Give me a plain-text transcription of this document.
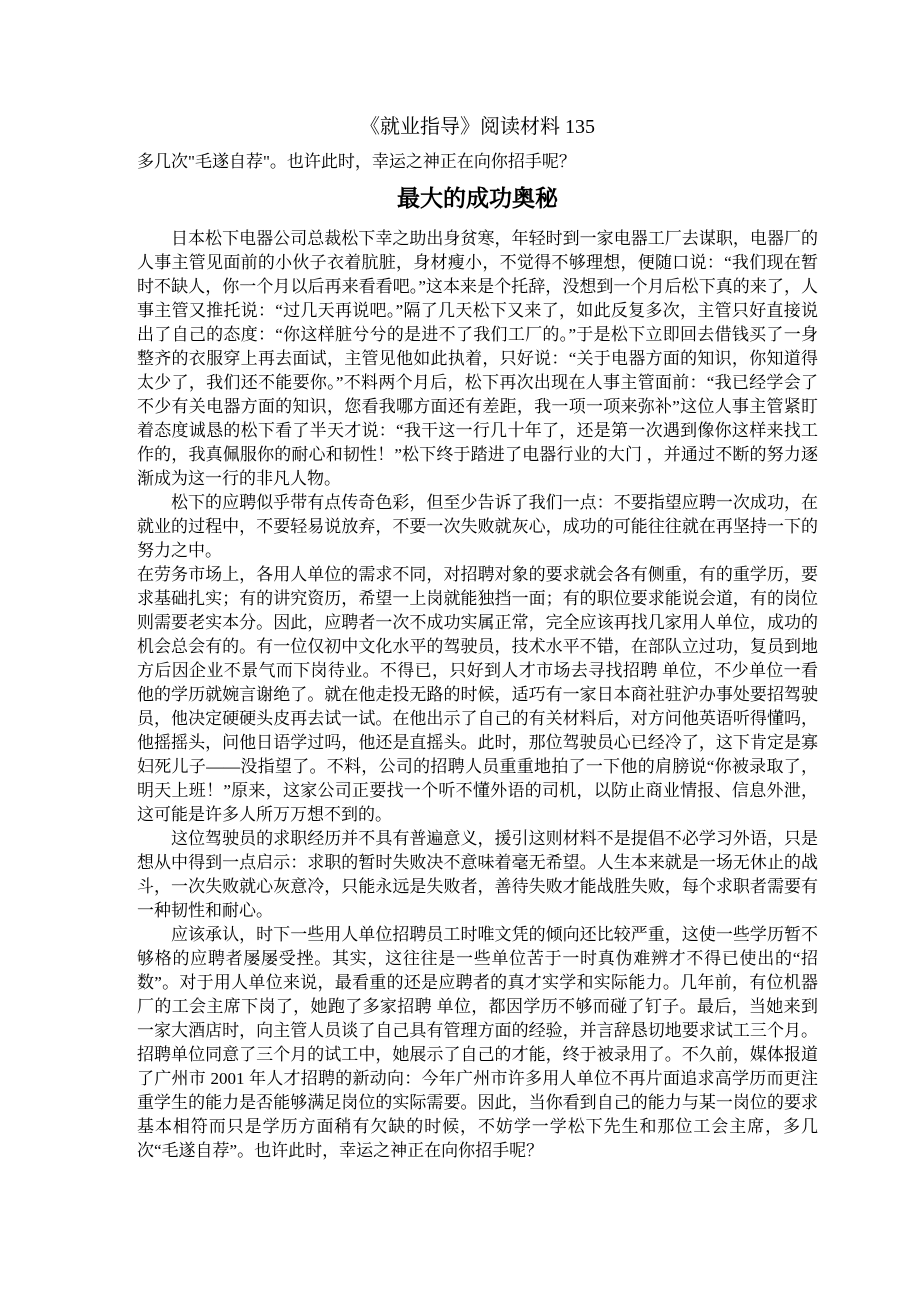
《就业指导》阅读材料 135

多几次"毛遂自荐"。也许此时，幸运之神正在向你招手呢？

最大的成功奥秘

日本松下电器公司总裁松下幸之助出身贫寒，年轻时到一家电器工厂去谋职，电器厂的人事主管见面前的小伙子衣着肮脏，身材瘦小，不觉得不够理想，便随口说：“我们现在暂时不缺人，你一个月以后再来看看吧。”这本来是个托辞，没想到一个月后松下真的来了，人事主管又推托说：“过几天再说吧。”隔了几天松下又来了，如此反复多次，主管只好直接说出了自己的态度：“你这样脏兮兮的是进不了我们工厂的。”于是松下立即回去借钱买了一身整齐的衣服穿上再去面试，主管见他如此执着，只好说：“关于电器方面的知识，你知道得太少了，我们还不能要你。”不料两个月后，松下再次出现在人事主管面前：“我已经学会了不少有关电器方面的知识，您看我哪方面还有差距，我一项一项来弥补”这位人事主管紧盯着态度诚恳的松下看了半天才说：“我干这一行几十年了，还是第一次遇到像你这样来找工作的，我真佩服你的耐心和韧性！”松下终于踏进了电器行业的大门 ，并通过不断的努力逐渐成为这一行的非凡人物。

松下的应聘似乎带有点传奇色彩，但至少告诉了我们一点：不要指望应聘一次成功，在就业的过程中，不要轻易说放弃，不要一次失败就灰心，成功的可能往往就在再坚持一下的努力之中。

在劳务市场上，各用人单位的需求不同，对招聘对象的要求就会各有侧重，有的重学历，要求基础扎实；有的讲究资历，希望一上岗就能独挡一面；有的职位要求能说会道，有的岗位则需要老实本分。因此，应聘者一次不成功实属正常，完全应该再找几家用人单位，成功的机会总会有的。有一位仅初中文化水平的驾驶员，技术水平不错，在部队立过功，复员到地方后因企业不景气而下岗待业。不得已，只好到人才市场去寻找招聘 单位，不少单位一看他的学历就婉言谢绝了。就在他走投无路的时候，适巧有一家日本商社驻沪办事处要招驾驶员，他决定硬硬头皮再去试一试。在他出示了自己的有关材料后，对方问他英语听得懂吗，他摇摇头，问他日语学过吗，他还是直摇头。此时，那位驾驶员心已经冷了，这下肯定是寡妇死儿子——没指望了。不料，公司的招聘人员重重地拍了一下他的肩膀说“你被录取了，明天上班！”原来，这家公司正要找一个听不懂外语的司机，以防止商业情报、信息外泄，这可能是许多人所万万想不到的。

这位驾驶员的求职经历并不具有普遍意义，援引这则材料不是提倡不必学习外语，只是想从中得到一点启示：求职的暂时失败决不意味着毫无希望。人生本来就是一场无休止的战斗，一次失败就心灰意冷，只能永远是失败者，善待失败才能战胜失败，每个求职者需要有一种韧性和耐心。

应该承认，时下一些用人单位招聘员工时唯文凭的倾向还比较严重，这使一些学历暂不够格的应聘者屡屡受挫。其实，这往往是一些单位苦于一时真伪难辨才不得已使出的“招数”。对于用人单位来说，最看重的还是应聘者的真才实学和实际能力。几年前，有位机器厂的工会主席下岗了，她跑了多家招聘 单位，都因学历不够而碰了钉子。最后，当她来到一家大酒店时，向主管人员谈了自己具有管理方面的经验，并言辞恳切地要求试工三个月。招聘单位同意了三个月的试工中，她展示了自己的才能，终于被录用了。不久前，媒体报道了广州市 2001 年人才招聘的新动向：今年广州市许多用人单位不再片面追求高学历而更注重学生的能力是否能够满足岗位的实际需要。因此，当你看到自己的能力与某一岗位的要求基本相符而只是学历方面稍有欠缺的时候，不妨学一学松下先生和那位工会主席，多几次“毛遂自荐”。也许此时，幸运之神正在向你招手呢？
